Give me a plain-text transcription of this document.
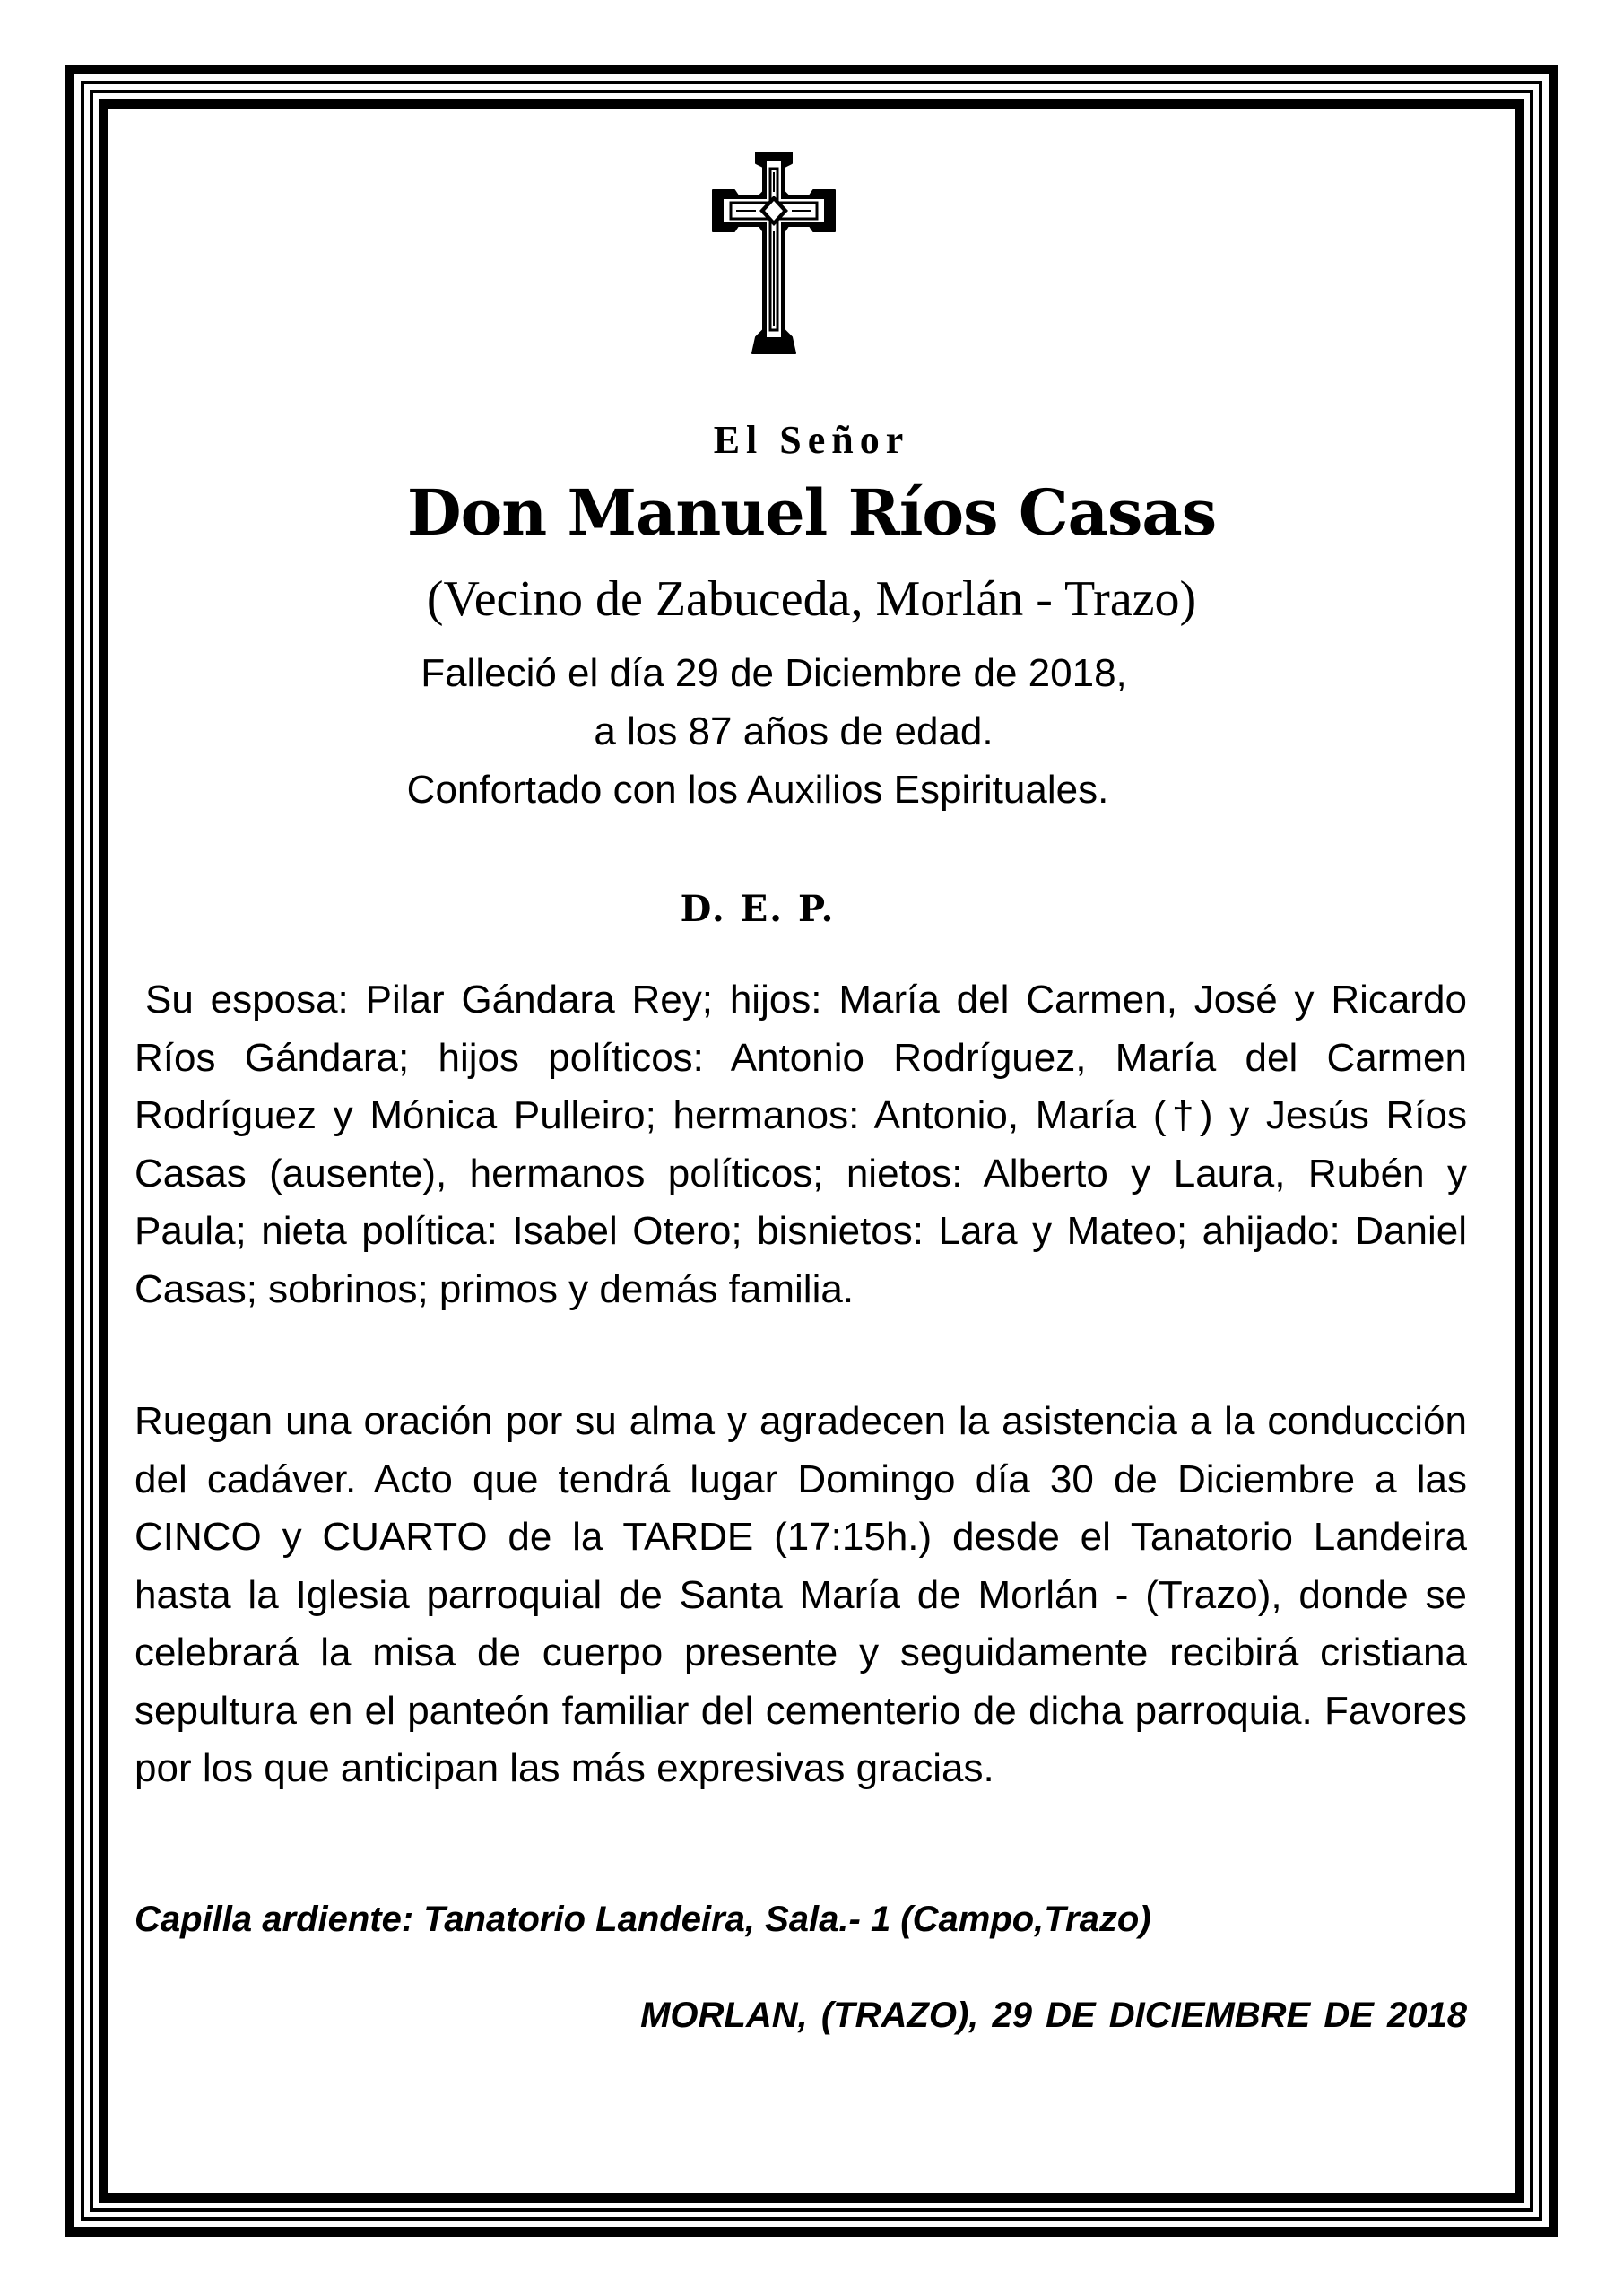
El Señor
Don Manuel Ríos Casas
(Vecino de Zabuceda, Morlán - Trazo)
Falleció el día 29 de Diciembre de 2018,
a los 87 años de edad.
Confortado con los Auxilios Espirituales.
D. E. P.

Su esposa: Pilar Gándara Rey; hijos: María del Carmen, José y Ricardo Ríos Gándara; hijos políticos: Antonio Rodríguez, María del Carmen Rodríguez y Mónica Pulleiro; hermanos: Antonio, María (†) y Jesús Ríos Casas (ausente), hermanos políticos; nietos: Alberto y Laura, Rubén y Paula; nieta política: Isabel Otero; bisnietos: Lara y Mateo; ahijado: Daniel Casas; sobrinos; primos y demás familia.

Ruegan una oración por su alma y agradecen la asistencia a la conducción del cadáver. Acto que tendrá lugar Domingo día 30 de Diciembre a las CINCO y CUARTO de la TARDE (17:15h.) desde el Tanatorio Landeira hasta la Iglesia parroquial de Santa María de Morlán - (Trazo), donde se celebrará la misa de cuerpo presente y seguidamente recibirá cristiana sepultura en el panteón familiar del cementerio de dicha parroquia. Favores por los que anticipan las más expresivas gracias.

Capilla ardiente: Tanatorio Landeira, Sala.- 1 (Campo,Trazo)
MORLAN, (TRAZO), 29 DE DICIEMBRE DE 2018
